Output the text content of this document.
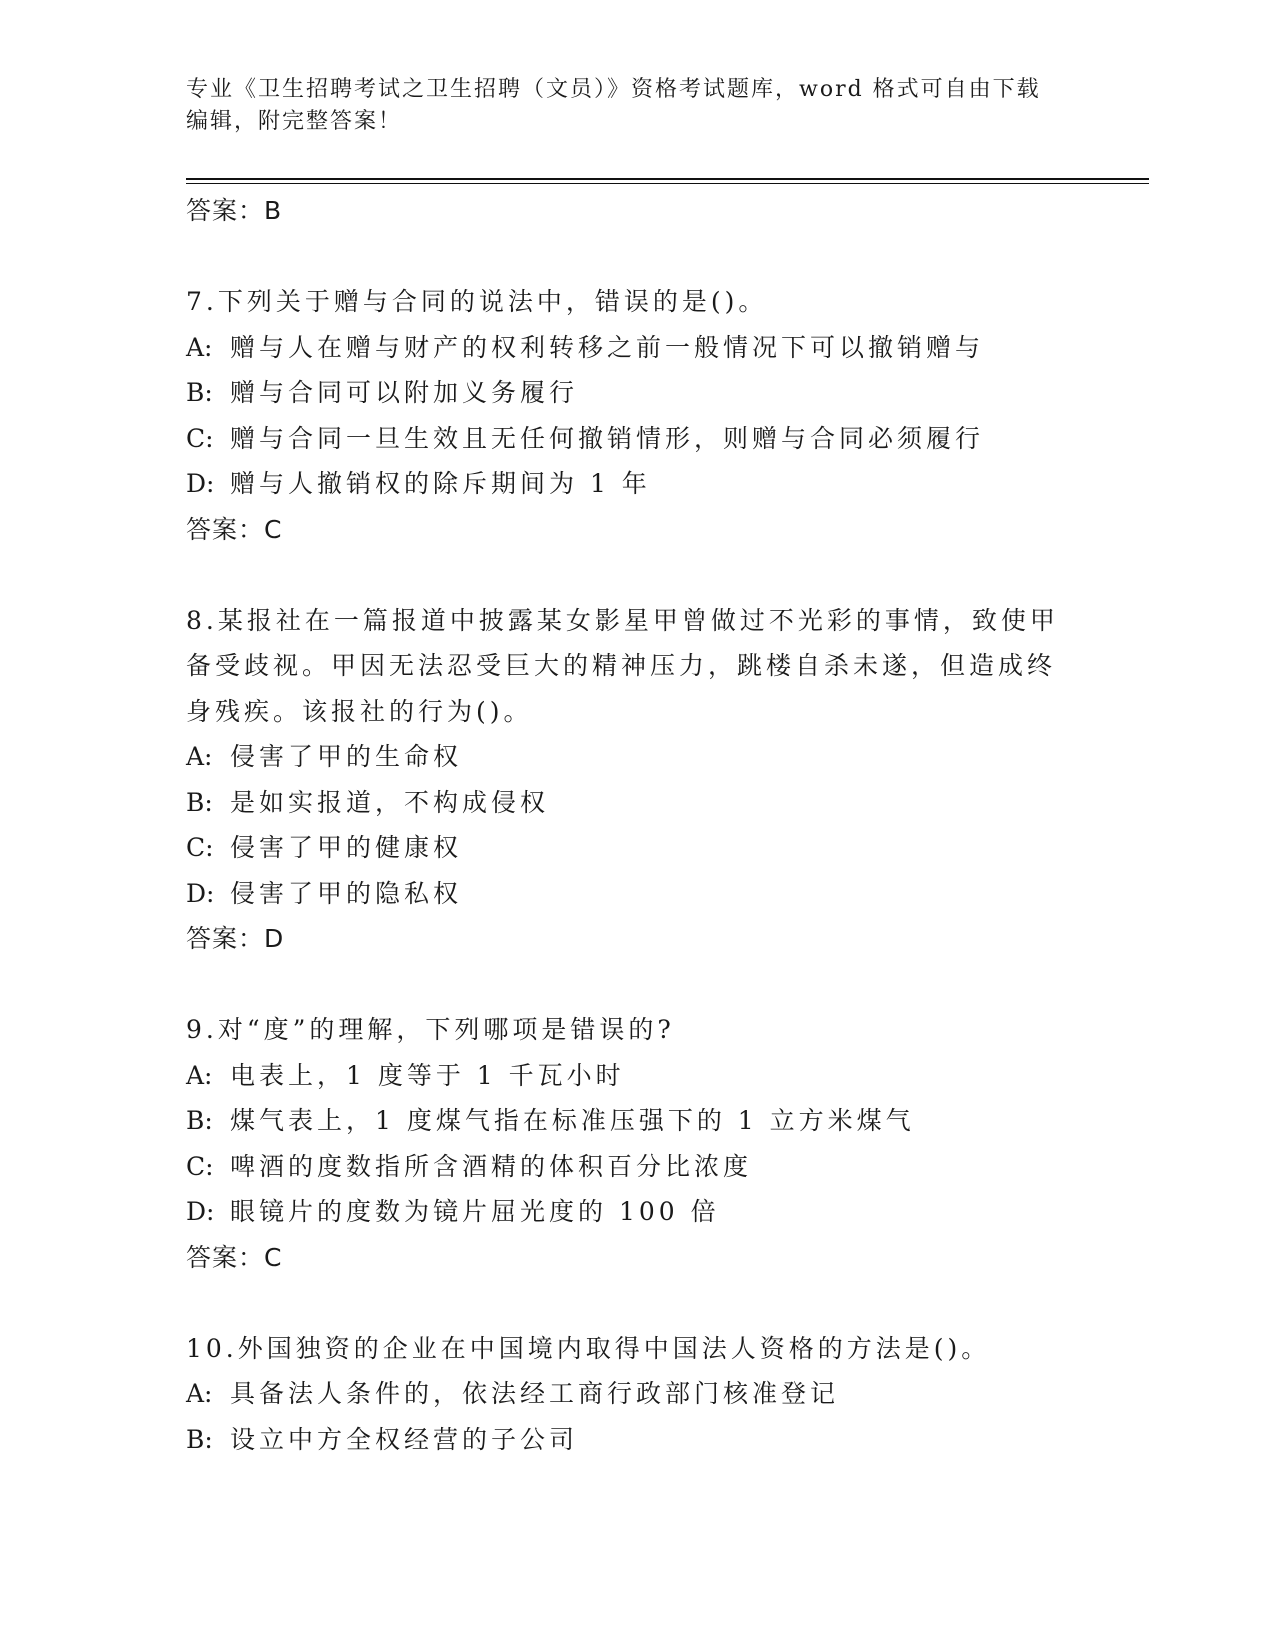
专业《卫生招聘考试之卫生招聘（文员）》资格考试题库，word 格式可自由下载
编辑，附完整答案！
答案：B
7.下列关于赠与合同的说法中，错误的是()。
A: 赠与人在赠与财产的权利转移之前一般情况下可以撤销赠与
B: 赠与合同可以附加义务履行
C: 赠与合同一旦生效且无任何撤销情形，则赠与合同必须履行
D: 赠与人撤销权的除斥期间为 1 年
答案：C
8.某报社在一篇报道中披露某女影星甲曾做过不光彩的事情，致使甲
备受歧视。甲因无法忍受巨大的精神压力，跳楼自杀未遂，但造成终
身残疾。该报社的行为()。
A: 侵害了甲的生命权
B: 是如实报道，不构成侵权
C: 侵害了甲的健康权
D: 侵害了甲的隐私权
答案：D
9.对“度”的理解，下列哪项是错误的?
A: 电表上，1 度等于 1 千瓦小时
B: 煤气表上，1 度煤气指在标准压强下的 1 立方米煤气
C: 啤酒的度数指所含酒精的体积百分比浓度
D: 眼镜片的度数为镜片屈光度的 100 倍
答案：C
10.外国独资的企业在中国境内取得中国法人资格的方法是()。
A: 具备法人条件的，依法经工商行政部门核准登记
B: 设立中方全权经营的子公司
